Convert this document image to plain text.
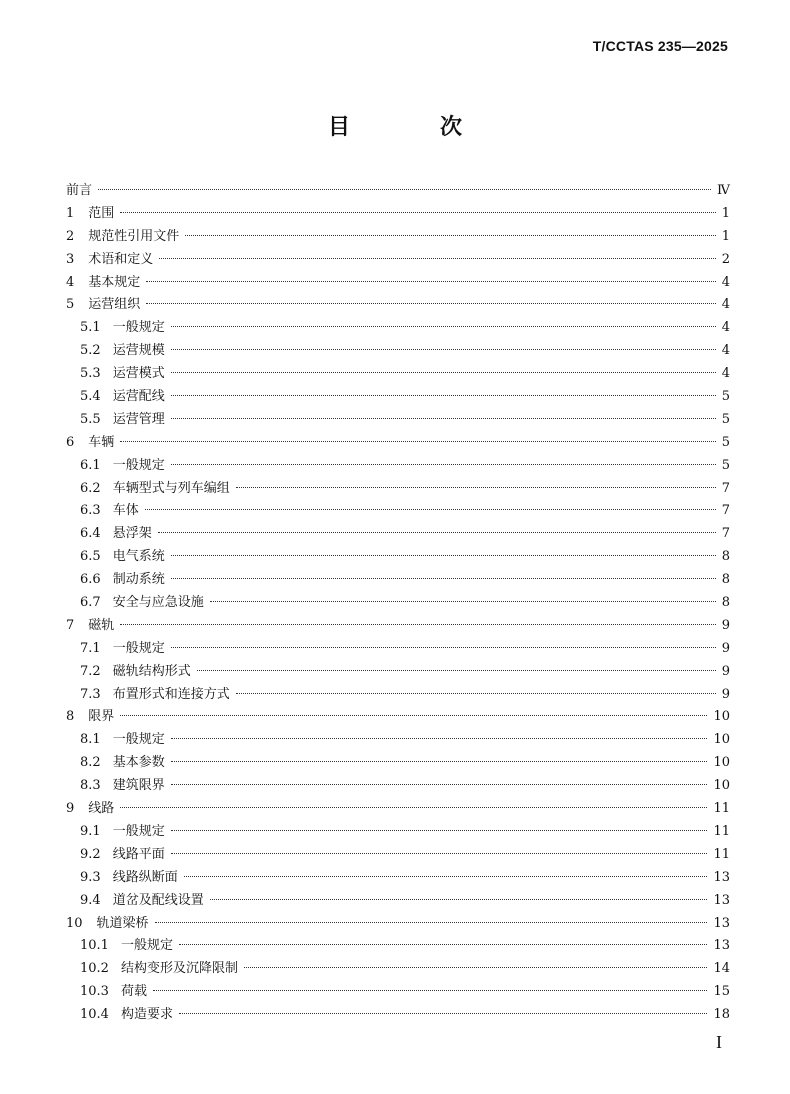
T/CCTAS 235—2025
目　次
前言	Ⅳ
1 范围	1
2 规范性引用文件	1
3 术语和定义	2
4 基本规定	4
5 运营组织	4
5.1 一般规定	4
5.2 运营规模	4
5.3 运营模式	4
5.4 运营配线	5
5.5 运营管理	5
6 车辆	5
6.1 一般规定	5
6.2 车辆型式与列车编组	7
6.3 车体	7
6.4 悬浮架	7
6.5 电气系统	8
6.6 制动系统	8
6.7 安全与应急设施	8
7 磁轨	9
7.1 一般规定	9
7.2 磁轨结构形式	9
7.3 布置形式和连接方式	9
8 限界	10
8.1 一般规定	10
8.2 基本参数	10
8.3 建筑限界	10
9 线路	11
9.1 一般规定	11
9.2 线路平面	11
9.3 线路纵断面	13
9.4 道岔及配线设置	13
10 轨道梁桥	13
10.1 一般规定	13
10.2 结构变形及沉降限制	14
10.3 荷载	15
10.4 构造要求	18
I
